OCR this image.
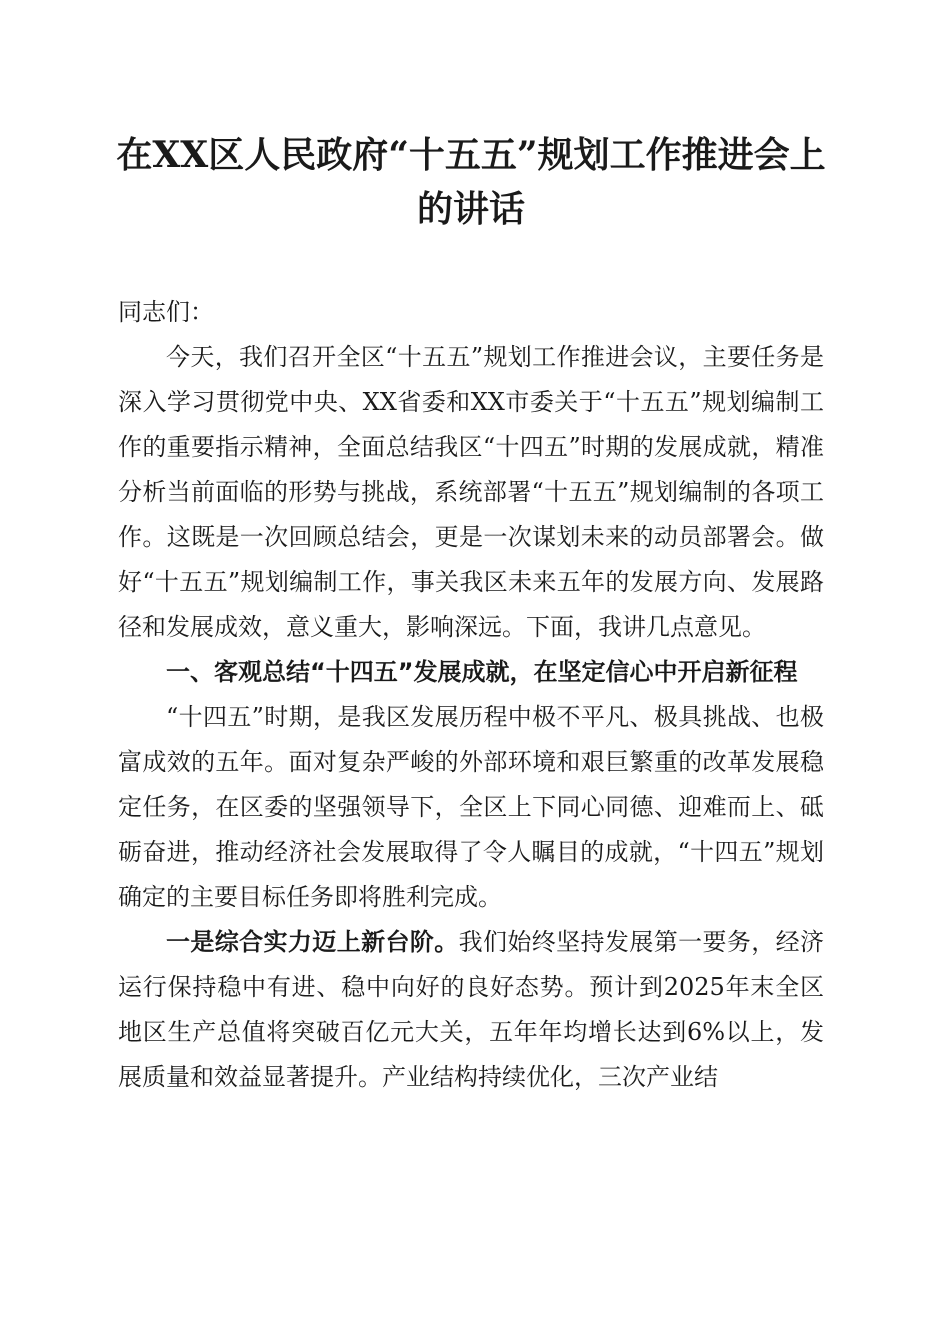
在XX区人民政府“十五五”规划工作推进会上的讲话

同志们：

今天，我们召开全区“十五五”规划工作推进会议，主要任务是深入学习贯彻党中央、XX省委和XX市委关于“十五五”规划编制工作的重要指示精神，全面总结我区“十四五”时期的发展成就，精准分析当前面临的形势与挑战，系统部署“十五五”规划编制的各项工作。这既是一次回顾总结会，更是一次谋划未来的动员部署会。做好“十五五”规划编制工作，事关我区未来五年的发展方向、发展路径和发展成效，意义重大，影响深远。下面，我讲几点意见。

一、客观总结“十四五”发展成就，在坚定信心中开启新征程

“十四五”时期，是我区发展历程中极不平凡、极具挑战、也极富成效的五年。面对复杂严峻的外部环境和艰巨繁重的改革发展稳定任务，在区委的坚强领导下，全区上下同心同德、迎难而上、砥砺奋进，推动经济社会发展取得了令人瞩目的成就，“十四五”规划确定的主要目标任务即将胜利完成。

一是综合实力迈上新台阶。我们始终坚持发展第一要务，经济运行保持稳中有进、稳中向好的良好态势。预计到2025年末全区地区生产总值将突破百亿元大关，五年年均增长达到6%以上，发展质量和效益显著提升。产业结构持续优化，三次产业结
